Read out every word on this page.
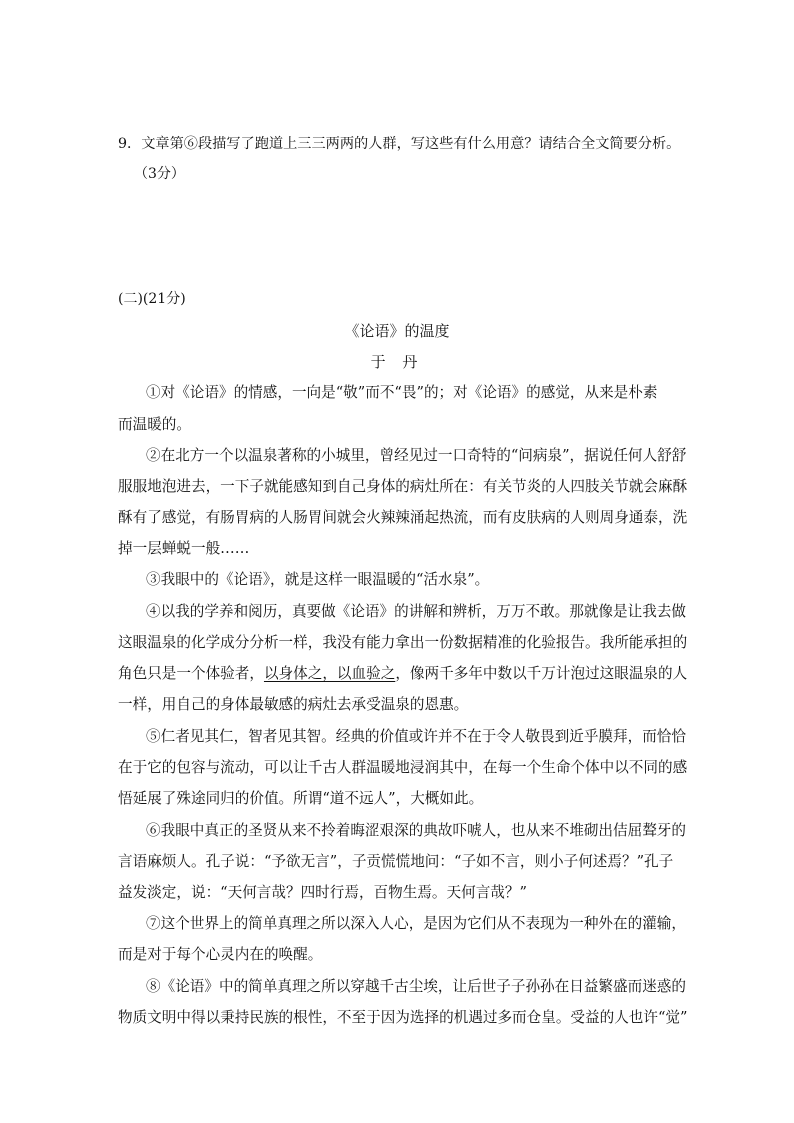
9．文章第⑥段描写了跑道上三三两两的人群，写这些有什么用意？请结合全文简要分析。
（3分）
(二)(21分)
《论语》的温度
于 丹
①对《论语》的情感，一向是“敬”而不“畏”的；对《论语》的感觉，从来是朴素
而温暖的。
②在北方一个以温泉著称的小城里，曾经见过一口奇特的“问病泉”，据说任何人舒舒
服服地泡进去，一下子就能感知到自己身体的病灶所在：有关节炎的人四肢关节就会麻酥
酥有了感觉，有肠胃病的人肠胃间就会火辣辣涌起热流，而有皮肤病的人则周身通泰，洗
掉一层蝉蜕一般……
③我眼中的《论语》，就是这样一眼温暖的“活水泉”。
④以我的学养和阅历，真要做《论语》的讲解和辨析，万万不敢。那就像是让我去做
这眼温泉的化学成分分析一样，我没有能力拿出一份数据精准的化验报告。我所能承担的
角色只是一个体验者，以身体之，以血验之，像两千多年中数以千万计泡过这眼温泉的人
一样，用自己的身体最敏感的病灶去承受温泉的恩惠。
⑤仁者见其仁，智者见其智。经典的价值或许并不在于令人敬畏到近乎膜拜，而恰恰
在于它的包容与流动，可以让千古人群温暖地浸润其中，在每一个生命个体中以不同的感
悟延展了殊途同归的价值。所谓“道不远人”，大概如此。
⑥我眼中真正的圣贤从来不拎着晦涩艰深的典故吓唬人，也从来不堆砌出佶屈聱牙的
言语麻烦人。孔子说：“予欲无言”，子贡慌慌地问：“子如不言，则小子何述焉？”孔子
益发淡定，说：“天何言哉？四时行焉，百物生焉。天何言哉？”
⑦这个世界上的简单真理之所以深入人心，是因为它们从不表现为一种外在的灌输，
而是对于每个心灵内在的唤醒。
⑧《论语》中的简单真理之所以穿越千古尘埃，让后世子子孙孙在日益繁盛而迷惑的
物质文明中得以秉持民族的根性，不至于因为选择的机遇过多而仓皇。受益的人也许“觉”
